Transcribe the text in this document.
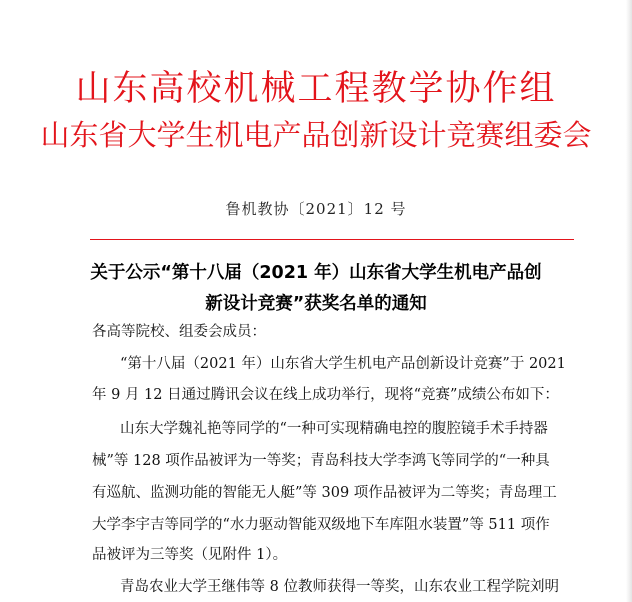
山东高校机械工程教学协作组
山东省大学生机电产品创新设计竞赛组委会
鲁机教协〔2021〕12 号
关于公示“第十八届（2021 年）山东省大学生机电产品创
新设计竞赛”获奖名单的通知
各高等院校、组委会成员：
“第十八届（2021 年）山东省大学生机电产品创新设计竞赛”于 2021
年 9 月 12 日通过腾讯会议在线上成功举行，现将“竞赛”成绩公布如下：
山东大学魏礼艳等同学的“一种可实现精确电控的腹腔镜手术手持器
械”等 128 项作品被评为一等奖；青岛科技大学李鸿飞等同学的“一种具
有巡航、监测功能的智能无人艇”等 309 项作品被评为二等奖；青岛理工
大学李宇吉等同学的“水力驱动智能双级地下车库阻水装置”等 511 项作
品被评为三等奖（见附件 1）。
青岛农业大学王继伟等 8 位教师获得一等奖，山东农业工程学院刘明
